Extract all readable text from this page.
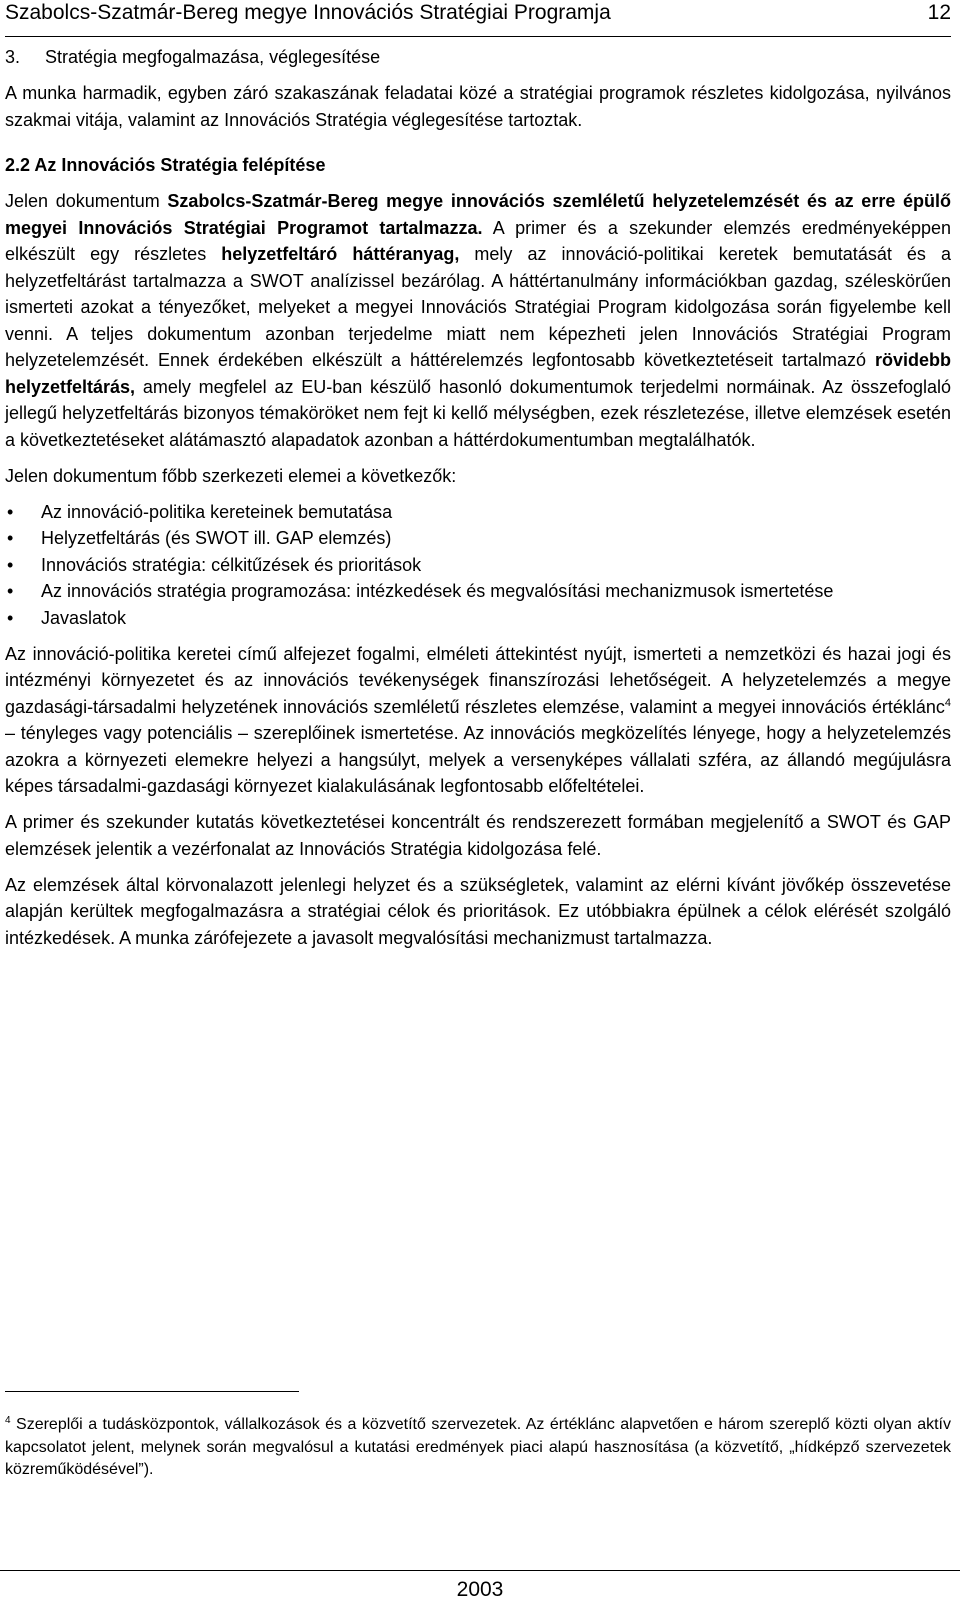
Szabolcs-Szatmár-Bereg megye Innovációs Stratégiai Programja	12

3. Stratégia megfogalmazása, véglegesítése

A munka harmadik, egyben záró szakaszának feladatai közé a stratégiai programok részletes kidolgozása, nyilvános szakmai vitája, valamint az Innovációs Stratégia véglegesítése tartoztak.

2.2 Az Innovációs Stratégia felépítése

Jelen dokumentum Szabolcs-Szatmár-Bereg megye innovációs szemléletű helyzetelemzését és az erre épülő megyei Innovációs Stratégiai Programot tartalmazza. A primer és a szekunder elemzés eredményeképpen elkészült egy részletes helyzetfeltáró háttéranyag, mely az innováció-politikai keretek bemutatását és a helyzetfeltárást tartalmazza a SWOT analízissel bezárólag. A háttértanulmány információkban gazdag, széleskörűen ismerteti azokat a tényezőket, melyeket a megyei Innovációs Stratégiai Program kidolgozása során figyelembe kell venni. A teljes dokumentum azonban terjedelme miatt nem képezheti jelen Innovációs Stratégiai Program helyzetelemzését. Ennek érdekében elkészült a háttérelemzés legfontosabb következtetéseit tartalmazó rövidebb helyzetfeltárás, amely megfelel az EU-ban készülő hasonló dokumentumok terjedelmi normáinak. Az összefoglaló jellegű helyzetfeltárás bizonyos témaköröket nem fejt ki kellő mélységben, ezek részletezése, illetve elemzések esetén a következtetéseket alátámasztó alapadatok azonban a háttérdokumentumban megtalálhatók.

Jelen dokumentum főbb szerkezeti elemei a következők:

• Az innováció-politika kereteinek bemutatása
• Helyzetfeltárás (és SWOT ill. GAP elemzés)
• Innovációs stratégia: célkitűzések és prioritások
• Az innovációs stratégia programozása: intézkedések és megvalósítási mechanizmusok ismertetése
• Javaslatok

Az innováció-politika keretei című alfejezet fogalmi, elméleti áttekintést nyújt, ismerteti a nemzetközi és hazai jogi és intézményi környezetet és az innovációs tevékenységek finanszírozási lehetőségeit. A helyzetelemzés a megye gazdasági-társadalmi helyzetének innovációs szemléletű részletes elemzése, valamint a megyei innovációs értéklánc$^4$ – tényleges vagy potenciális – szereplőinek ismertetése. Az innovációs megközelítés lényege, hogy a helyzetelemzés azokra a környezeti elemekre helyezi a hangsúlyt, melyek a versenyképes vállalati szféra, az állandó megújulásra képes társadalmi-gazdasági környezet kialakulásának legfontosabb előfeltételei.

A primer és szekunder kutatás következtetései koncentrált és rendszerezett formában megjelenítő a SWOT és GAP elemzések jelentik a vezérfonalat az Innovációs Stratégia kidolgozása felé.

Az elemzések által körvonalazott jelenlegi helyzet és a szükségletek, valamint az elérni kívánt jövőkép összevetése alapján kerültek megfogalmazásra a stratégiai célok és prioritások. Ez utóbbiakra épülnek a célok elérését szolgáló intézkedések. A munka zárófejezete a javasolt megvalósítási mechanizmust tartalmazza.

$^4$ Szereplői a tudásközpontok, vállalkozások és a közvetítő szervezetek. Az értéklánc alapvetően e három szereplő közti olyan aktív kapcsolatot jelent, melynek során megvalósul a kutatási eredmények piaci alapú hasznosítása (a közvetítő, „hídképző szervezetek közreműködésével”).

2003
